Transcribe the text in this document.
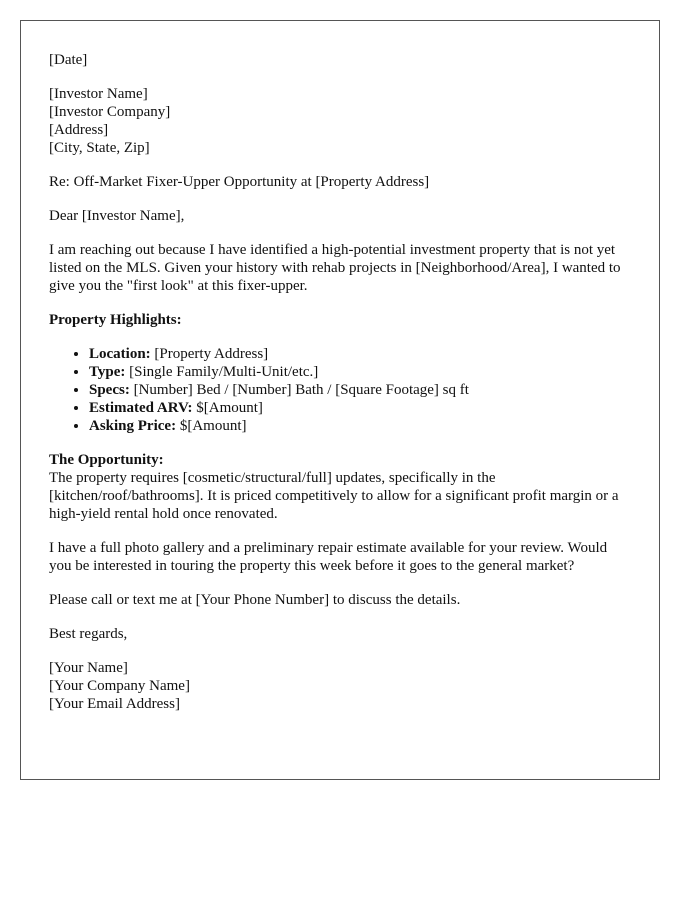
[Date]
[Investor Name]
[Investor Company]
[Address]
[City, State, Zip]

Re: Off-Market Fixer-Upper Opportunity at [Property Address]

Dear [Investor Name],

I am reaching out because I have identified a high-potential investment property that is not yet listed on the MLS. Given your history with rehab projects in [Neighborhood/Area], I wanted to give you the "first look" at this fixer-upper.

Property Highlights:

• Location: [Property Address]
• Type: [Single Family/Multi-Unit/etc.]
• Specs: [Number] Bed / [Number] Bath / [Square Footage] sq ft
• Estimated ARV: $[Amount]
• Asking Price: $[Amount]

The Opportunity:
The property requires [cosmetic/structural/full] updates, specifically in the [kitchen/roof/bathrooms]. It is priced competitively to allow for a significant profit margin or a high-yield rental hold once renovated.

I have a full photo gallery and a preliminary repair estimate available for your review. Would you be interested in touring the property this week before it goes to the general market?

Please call or text me at [Your Phone Number] to discuss the details.

Best regards,

[Your Name]
[Your Company Name]
[Your Email Address]
